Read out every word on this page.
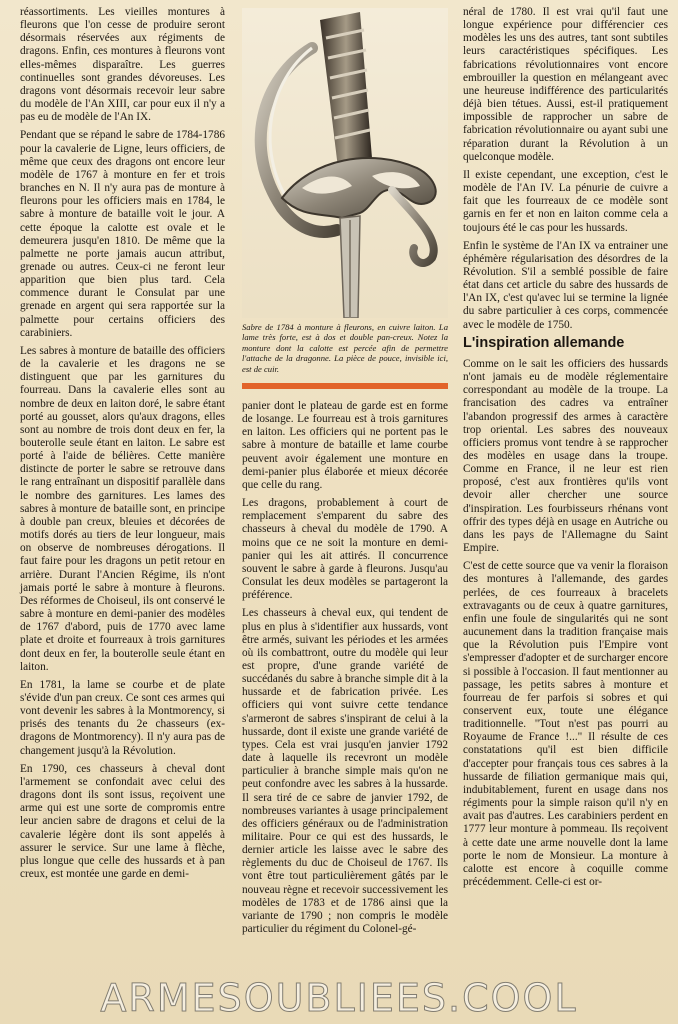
réassortiments. Les vieilles montures à fleurons que l'on cesse de produire seront désormais réservées aux régiments de dragons. Enfin, ces montures à fleurons vont elles-mêmes disparaître. Les guerres continuelles sont grandes dévoreuses. Les dragons vont désormais recevoir leur sabre du modèle de l'An XIII, car pour eux il n'y a pas eu de modèle de l'An IX.

Pendant que se répand le sabre de 1784-1786 pour la cavalerie de Ligne, leurs officiers, de même que ceux des dragons ont encore leur modèle de 1767 à monture en fer et trois branches en N. Il n'y aura pas de monture à fleurons pour les officiers mais en 1784, le sabre à monture de bataille voit le jour. A cette époque la calotte est ovale et le demeurera jusqu'en 1810. De même que la palmette ne porte jamais aucun attribut, grenade ou autres. Ceux-ci ne feront leur apparition que bien plus tard. Cela commence durant le Consulat par une grenade en argent qui sera rapportée sur la palmette pour certains officiers des carabiniers.

Les sabres à monture de bataille des officiers de la cavalerie et les dragons ne se distinguent que par les garnitures du fourreau. Dans la cavalerie elles sont au nombre de deux en laiton doré, le sabre étant porté au gousset, alors qu'aux dragons, elles sont au nombre de trois dont deux en fer, la bouterolle seule étant en laiton. Le sabre est porté à l'aide de bélières. Cette manière distincte de porter le sabre se retrouve dans le rang entraînant un dispositif parallèle dans le nombre des garnitures. Les lames des sabres à monture de bataille sont, en principe à double pan creux, bleuies et décorées de motifs dorés au tiers de leur longueur, mais on observe de nombreuses dérogations. Il faut faire pour les dragons un petit retour en arrière. Durant l'Ancien Régime, ils n'ont jamais porté le sabre à monture à fleurons. Des réformes de Choiseul, ils ont conservé le sabre à monture en demi-panier des modèles de 1767 d'abord, puis de 1770 avec lame plate et droite et fourreaux à trois garnitures dont deux en fer, la bouterolle seule étant en laiton.

En 1781, la lame se courbe et de plate s'évide d'un pan creux. Ce sont ces armes qui vont devenir les sabres à la Montmorency, si prisés des tenants du 2e chasseurs (ex-dragons de Montmorency). Il n'y aura pas de changement jusqu'à la Révolution.

En 1790, ces chasseurs à cheval dont l'armement se confondait avec celui des dragons dont ils sont issus, reçoivent une arme qui est une sorte de compromis entre leur ancien sabre de dragons et celui de la cavalerie légère dont ils sont appelés à assurer le service. Sur une lame à flèche, plus longue que celle des hussards et à pan creux, est montée une garde en demi-

Sabre de 1784 à monture à fleurons, en cuivre laiton. La lame très forte, est à dos et double pan-creux. Notez la monture dont la calotte est percée afin de permettre l'attache de la dragonne. La pièce de pouce, invisible ici, est de cuir.

panier dont le plateau de garde est en forme de losange. Le fourreau est à trois garnitures en laiton. Les officiers qui ne portent pas le sabre à monture de bataille et lame courbe peuvent avoir également une monture en demi-panier plus élaborée et mieux décorée que celle du rang.

Les dragons, probablement à court de remplacement s'emparent du sabre des chasseurs à cheval du modèle de 1790. A moins que ce ne soit la monture en demi-panier qui les ait attirés. Il concurrence souvent le sabre à garde à fleurons. Jusqu'au Consulat les deux modèles se partageront la préférence.

Les chasseurs à cheval eux, qui tendent de plus en plus à s'identifier aux hussards, vont être armés, suivant les périodes et les armées où ils combattront, outre du modèle qui leur est propre, d'une grande variété de succédanés du sabre à branche simple dit à la hussarde et de fabrication privée. Les officiers qui vont suivre cette tendance s'armeront de sabres s'inspirant de celui à la hussarde, dont il existe une grande variété de types. Cela est vrai jusqu'en janvier 1792 date à laquelle ils recevront un modèle particulier à branche simple mais qu'on ne peut confondre avec les sabres à la hussarde. Il sera tiré de ce sabre de janvier 1792, de nombreuses variantes à usage principalement des officiers généraux ou de l'administration militaire. Pour ce qui est des hussards, le dernier article les laisse avec le sabre des règlements du duc de Choiseul de 1767. Ils vont être tout particulièrement gâtés par le nouveau règne et recevoir successivement les modèles de 1783 et de 1786 ainsi que la variante de 1790 ; non compris le modèle particulier du régiment du Colonel-gé-

néral de 1780. Il est vrai qu'il faut une longue expérience pour différencier ces modèles les uns des autres, tant sont subtiles leurs caractéristiques spécifiques. Les fabrications révolutionnaires vont encore embrouiller la question en mélangeant avec une heureuse indifférence des particularités déjà bien tétues. Aussi, est-il pratiquement impossible de rapprocher un sabre de fabrication révolutionnaire ou ayant subi une réparation durant la Révolution à un quelconque modèle.

Il existe cependant, une exception, c'est le modèle de l'An IV. La pénurie de cuivre a fait que les fourreaux de ce modèle sont garnis en fer et non en laiton comme cela a toujours été le cas pour les hussards.

Enfin le système de l'An IX va entrainer une éphémère régularisation des désordres de la Révolution. S'il a semblé possible de faire état dans cet article du sabre des hussards de l'An IX, c'est qu'avec lui se termine la lignée du sabre particulier à ces corps, commencée avec le modèle de 1750.

L'inspiration allemande

Comme on le sait les officiers des hussards n'ont jamais eu de modèle réglementaire correspondant au modèle de la troupe. La francisation des cadres va entraîner l'abandon progressif des armes à caractère trop oriental. Les sabres des nouveaux officiers promus vont tendre à se rapprocher des modèles en usage dans la troupe. Comme en France, il ne leur est rien proposé, c'est aux frontières qu'ils vont devoir aller chercher une source d'inspiration. Les fourbisseurs rhénans vont offrir des types déjà en usage en Autriche ou dans les pays de l'Allemagne du Saint Empire.

C'est de cette source que va venir la floraison des montures à l'allemande, des gardes perlées, de ces fourreaux à bracelets extravagants ou de ceux à quatre garnitures, enfin une foule de singularités qui ne sont aucunement dans la tradition française mais que la Révolution puis l'Empire vont s'empresser d'adopter et de surcharger encore si possible à l'occasion. Il faut mentionner au passage, les petits sabres à monture et fourreau de fer parfois si sobres et qui conservent eux, toute une élégance traditionnelle. "Tout n'est pas pourri au Royaume de France !..." Il résulte de ces constatations qu'il est bien difficile d'accepter pour français tous ces sabres à la hussarde de filiation germanique mais qui, indubitablement, furent en usage dans nos régiments pour la simple raison qu'il n'y en avait pas d'autres. Les carabiniers perdent en 1777 leur monture à pommeau. Ils reçoivent à cette date une arme nouvelle dont la lame porte le nom de Monsieur. La monture à calotte est encore à coquille comme précédemment. Celle-ci est or-

ARMESOUBLIEES.COOL
